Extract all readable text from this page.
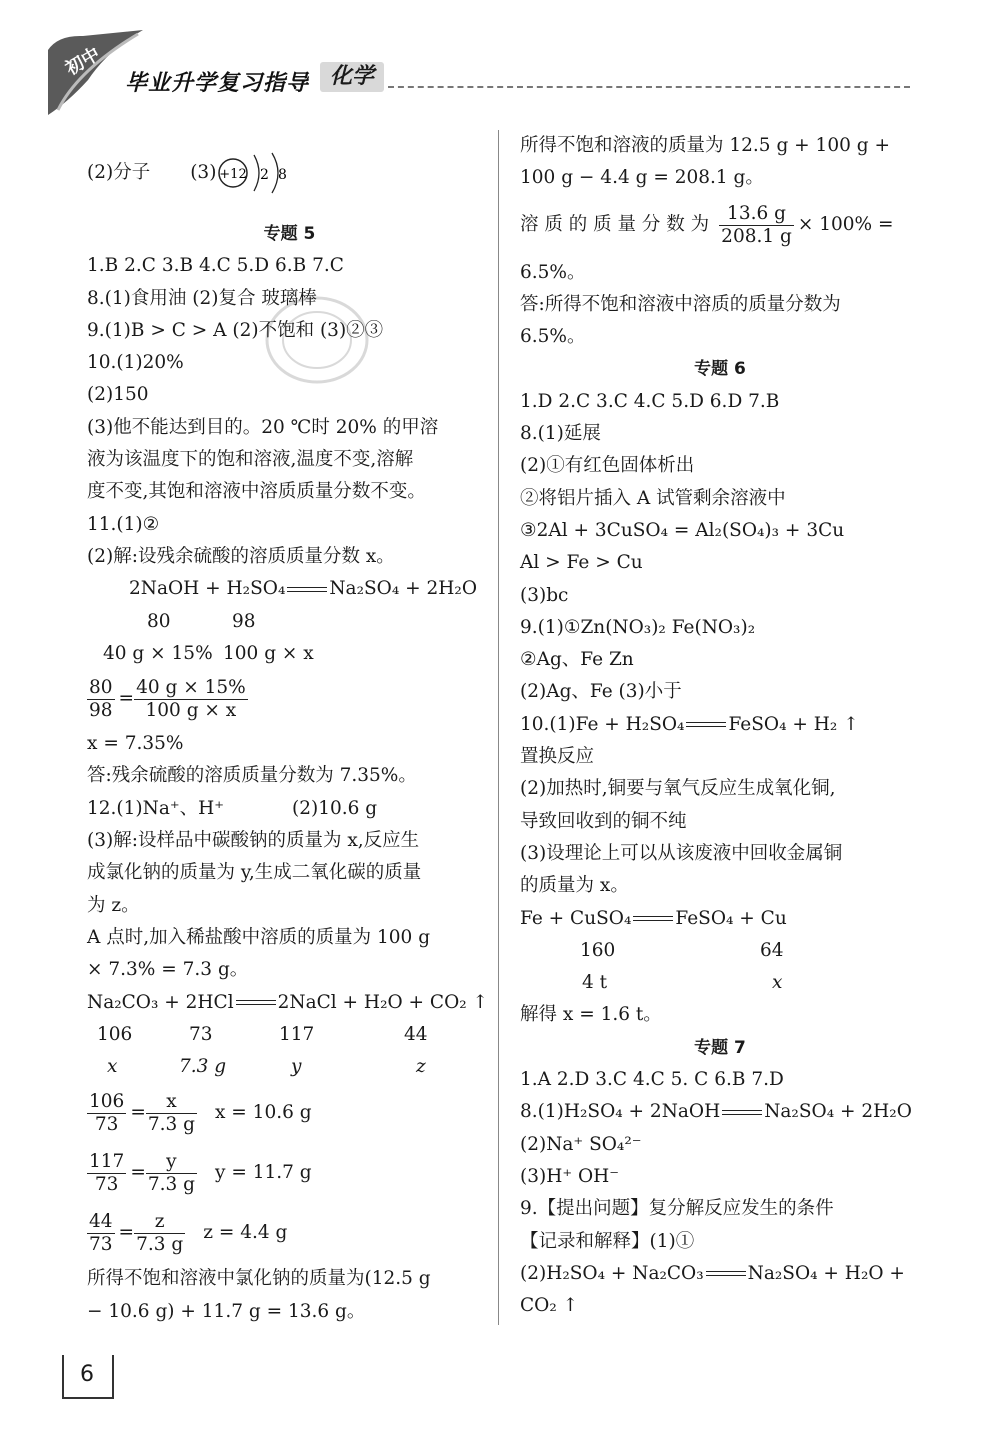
初中
毕业升学复习指导 化学
(2)分子 (3) +12 2 8
专题 5
1.B 2.C 3.B 4.C 5.D 6.B 7.C
8.(1)食用油 (2)复合 玻璃棒
9.(1)B > C > A (2)不饱和 (3)②③
10.(1)20%
(2)150
(3)他不能达到目的。20 ℃时 20% 的甲溶
液为该温度下的饱和溶液,温度不变,溶解
度不变,其饱和溶液中溶质质量分数不变。
11.(1)②
(2)解:设残余硫酸的溶质质量分数 x。
2NaOH + H₂SO₄ Na₂SO₄ + 2H₂O
80	98
40 g × 15% 100 g × x
$\frac{80}{98} = \frac{40 g \times 15\%}{100 g \times x}$
x = 7.35%
答:残余硫酸的溶质质量分数为 7.35%。
12.(1)Na⁺、H⁺	(2)10.6 g
(3)解:设样品中碳酸钠的质量为 x,反应生
成氯化钠的质量为 y,生成二氧化碳的质量
为 z。
A 点时,加入稀盐酸中溶质的质量为 100 g
× 7.3% = 7.3 g。
Na₂CO₃ + 2HCl 2NaCl + H₂O + CO₂ ↑
106	73	117	44
x	7.3 g	y	z
$\frac{106}{73} = \frac{x}{7.3 g}$ x = 10.6 g
$\frac{117}{73} = \frac{y}{7.3 g}$ y = 11.7 g
$\frac{44}{73} = \frac{z}{7.3 g}$ z = 4.4 g
所得不饱和溶液中氯化钠的质量为(12.5 g
− 10.6 g) + 11.7 g = 13.6 g。
所得不饱和溶液的质量为 12.5 g + 100 g +
100 g − 4.4 g = 208.1 g。
溶 质 的 质 量 分 数 为 $\frac{13.6 g}{208.1 g} \times 100\%$ =
6.5%。
答:所得不饱和溶液中溶质的质量分数为
6.5%。
专题 6
1.D 2.C 3.C 4.C 5.D 6.D 7.B
8.(1)延展
(2)①有红色固体析出
②将铝片插入 A 试管剩余溶液中
③2Al + 3CuSO₄ = Al₂(SO₄)₃ + 3Cu
Al > Fe > Cu
(3)bc
9.(1)①Zn(NO₃)₂ Fe(NO₃)₂
②Ag、Fe Zn
(2)Ag、Fe (3)小于
10.(1)Fe + H₂SO₄ FeSO₄ + H₂ ↑
置换反应
(2)加热时,铜要与氧气反应生成氧化铜,
导致回收到的铜不纯
(3)设理论上可以从该废液中回收金属铜
的质量为 x。
Fe + CuSO₄ FeSO₄ + Cu
160	64
4 t	x
解得 x = 1.6 t。
专题 7
1.A 2.D 3.C 4.C 5. C 6.B 7.D
8.(1)H₂SO₄ + 2NaOH Na₂SO₄ + 2H₂O
(2)Na⁺ SO₄²⁻
(3)H⁺ OH⁻
9.【提出问题】复分解反应发生的条件
【记录和解释】(1)①
(2)H₂SO₄ + Na₂CO₃ Na₂SO₄ + H₂O +
CO₂ ↑
6
